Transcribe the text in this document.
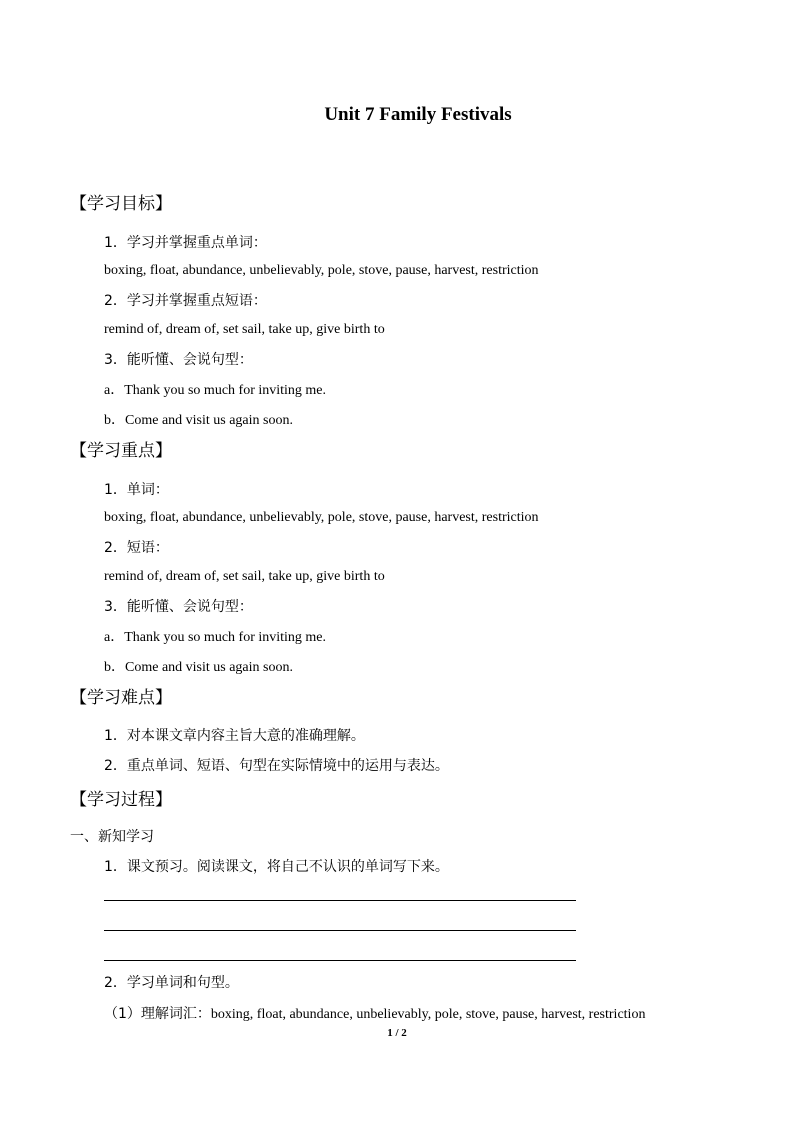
Unit 7 Family Festivals
【学习目标】
1．学习并掌握重点单词：
boxing, float, abundance, unbelievably, pole, stove, pause, harvest, restriction
2．学习并掌握重点短语：
remind of, dream of, set sail, take up, give birth to
3．能听懂、会说句型：
a．Thank you so much for inviting me.
b．Come and visit us again soon.
【学习重点】
1．单词：
boxing, float, abundance, unbelievably, pole, stove, pause, harvest, restriction
2．短语：
remind of, dream of, set sail, take up, give birth to
3．能听懂、会说句型：
a．Thank you so much for inviting me.
b．Come and visit us again soon.
【学习难点】
1．对本课文章内容主旨大意的准确理解。
2．重点单词、短语、句型在实际情境中的运用与表达。
【学习过程】
一、新知学习
1．课文预习。阅读课文，将自己不认识的单词写下来。
2．学习单词和句型。
（1）理解词汇：boxing, float, abundance, unbelievably, pole, stove, pause, harvest, restriction
1 / 2
